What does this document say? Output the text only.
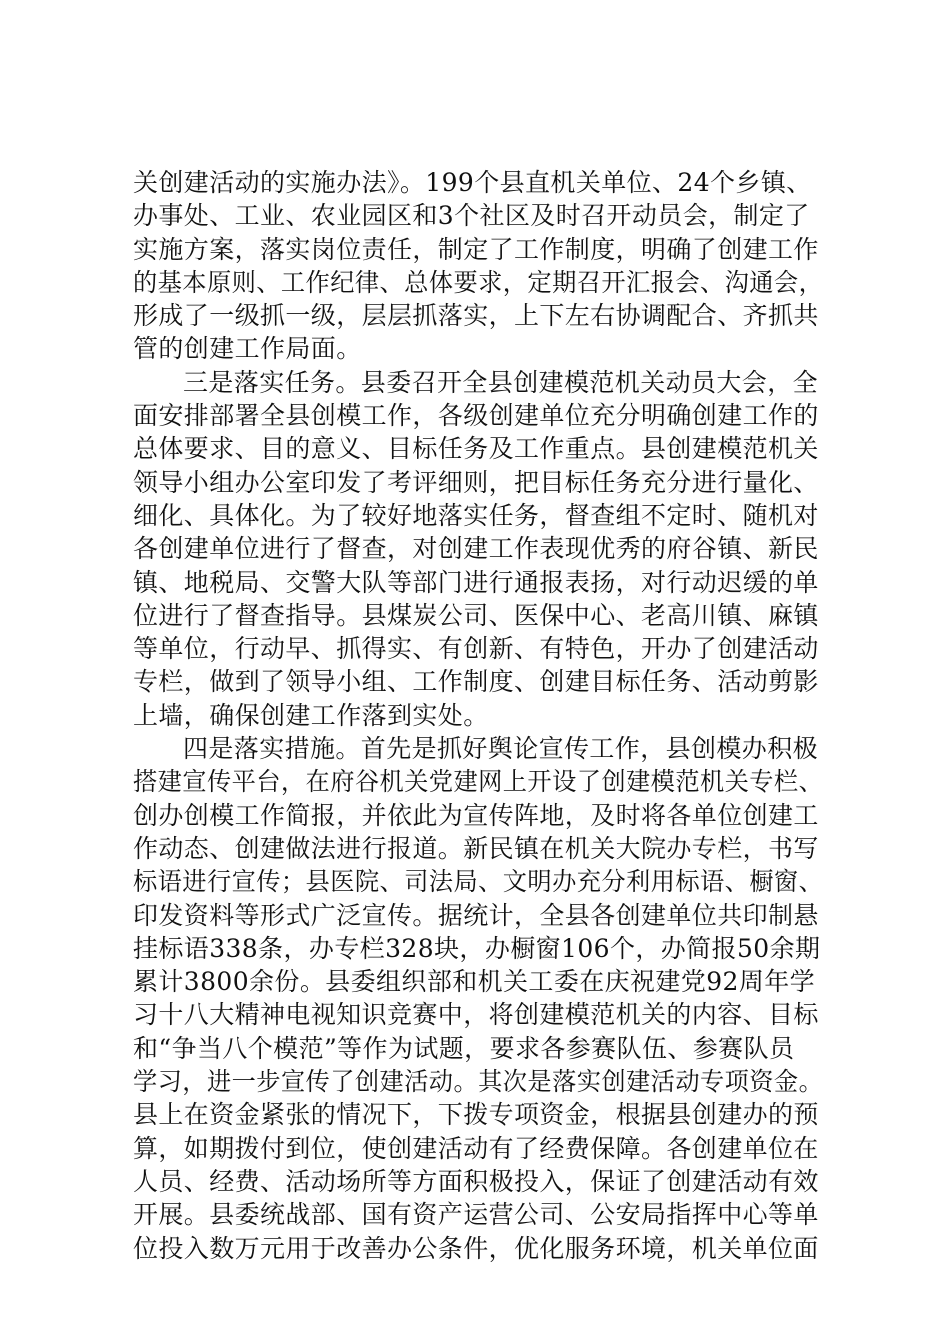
关创建活动的实施办法》。199个县直机关单位、24个乡镇、
办事处、工业、农业园区和3个社区及时召开动员会，制定了
实施方案，落实岗位责任，制定了工作制度，明确了创建工作
的基本原则、工作纪律、总体要求，定期召开汇报会、沟通会，
形成了一级抓一级，层层抓落实，上下左右协调配合、齐抓共
管的创建工作局面。
三是落实任务。县委召开全县创建模范机关动员大会，全
面安排部署全县创模工作，各级创建单位充分明确创建工作的
总体要求、目的意义、目标任务及工作重点。县创建模范机关
领导小组办公室印发了考评细则，把目标任务充分进行量化、
细化、具体化。为了较好地落实任务，督查组不定时、随机对
各创建单位进行了督查，对创建工作表现优秀的府谷镇、新民
镇、地税局、交警大队等部门进行通报表扬，对行动迟缓的单
位进行了督查指导。县煤炭公司、医保中心、老高川镇、麻镇
等单位，行动早、抓得实、有创新、有特色，开办了创建活动
专栏，做到了领导小组、工作制度、创建目标任务、活动剪影
上墙，确保创建工作落到实处。
四是落实措施。首先是抓好舆论宣传工作，县创模办积极
搭建宣传平台，在府谷机关党建网上开设了创建模范机关专栏、
创办创模工作简报，并依此为宣传阵地，及时将各单位创建工
作动态、创建做法进行报道。新民镇在机关大院办专栏，书写
标语进行宣传；县医院、司法局、文明办充分利用标语、橱窗、
印发资料等形式广泛宣传。据统计，全县各创建单位共印制悬
挂标语338条，办专栏328块，办橱窗106个，办简报50余期
累计3800余份。县委组织部和机关工委在庆祝建党92周年学
习十八大精神电视知识竞赛中，将创建模范机关的内容、目标
和“争当八个模范”等作为试题，要求各参赛队伍、参赛队员
学习，进一步宣传了创建活动。其次是落实创建活动专项资金。
县上在资金紧张的情况下，下拨专项资金，根据县创建办的预
算，如期拨付到位，使创建活动有了经费保障。各创建单位在
人员、经费、活动场所等方面积极投入，保证了创建活动有效
开展。县委统战部、国有资产运营公司、公安局指挥中心等单
位投入数万元用于改善办公条件，优化服务环境，机关单位面
